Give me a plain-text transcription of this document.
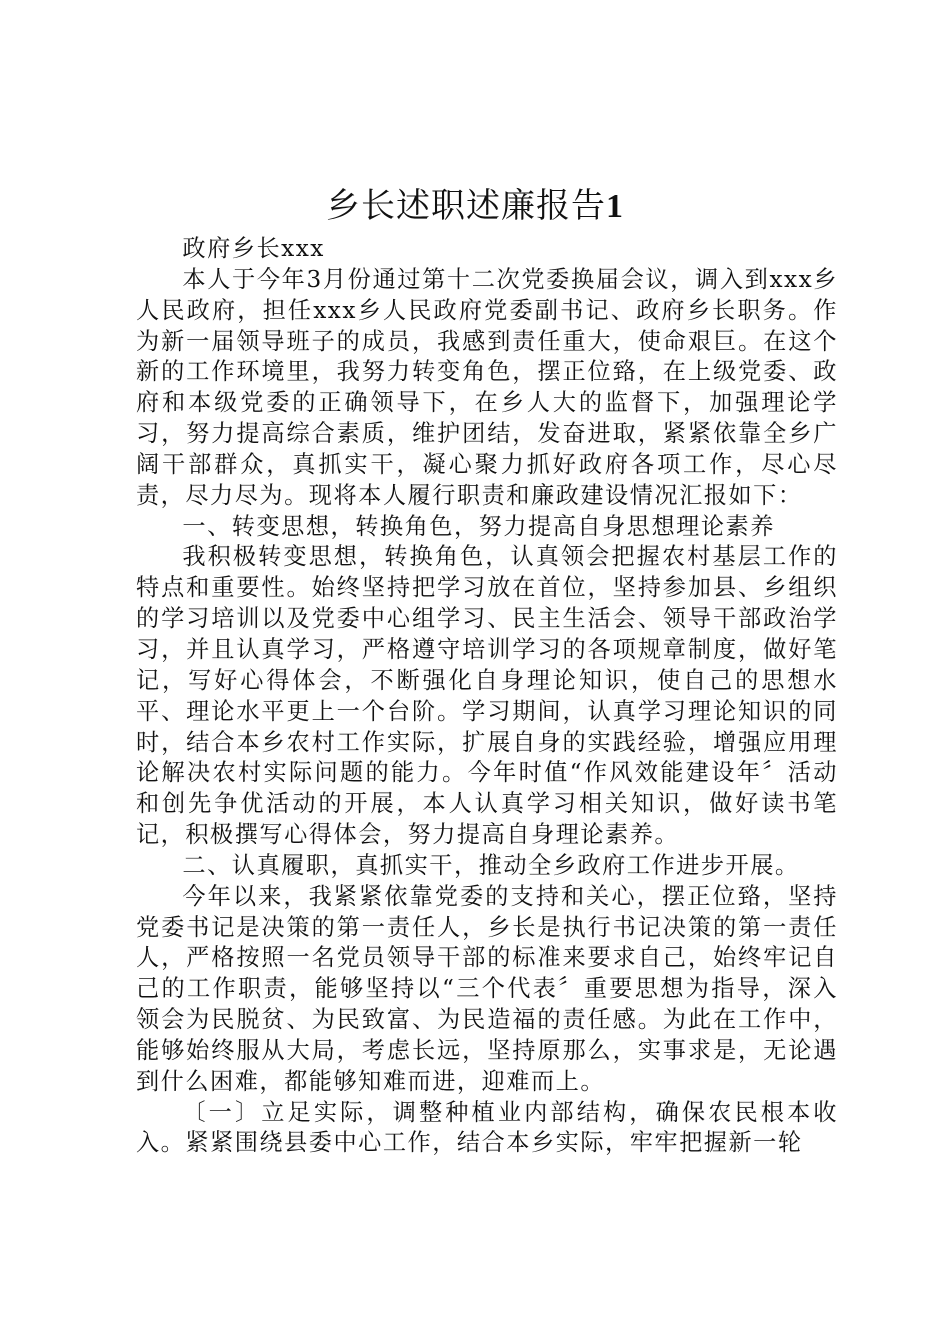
乡长述职述廉报告1

政府乡长xxx

本人于今年3月份通过第十二次党委换届会议，调入到xxx乡人民政府，担任xxx乡人民政府党委副书记、政府乡长职务。作为新一届领导班子的成员，我感到责任重大，使命艰巨。在这个新的工作环境里，我努力转变角色，摆正位臵，在上级党委、政府和本级党委的正确领导下，在乡人大的监督下，加强理论学习，努力提高综合素质，维护团结，发奋进取，紧紧依靠全乡广阔干部群众，真抓实干，凝心聚力抓好政府各项工作，尽心尽责，尽力尽为。现将本人履行职责和廉政建设情况汇报如下：

一、转变思想，转换角色，努力提高自身思想理论素养

我积极转变思想，转换角色，认真领会把握农村基层工作的特点和重要性。始终坚持把学习放在首位，坚持参加县、乡组织的学习培训以及党委中心组学习、民主生活会、领导干部政治学习，并且认真学习，严格遵守培训学习的各项规章制度，做好笔记，写好心得体会，不断强化自身理论知识，使自己的思想水平、理论水平更上一个台阶。学习期间，认真学习理论知识的同时，结合本乡农村工作实际，扩展自身的实践经验，增强应用理论解决农村实际问题的能力。今年时值“作风效能建设年〞活动和创先争优活动的开展，本人认真学习相关知识，做好读书笔记，积极撰写心得体会，努力提高自身理论素养。

二、认真履职，真抓实干，推动全乡政府工作进步开展。

今年以来，我紧紧依靠党委的支持和关心，摆正位臵，坚持党委书记是决策的第一责任人，乡长是执行书记决策的第一责任人，严格按照一名党员领导干部的标准来要求自己，始终牢记自己的工作职责，能够坚持以“三个代表〞重要思想为指导，深入领会为民脱贫、为民致富、为民造福的责任感。为此在工作中，能够始终服从大局，考虑长远，坚持原那么，实事求是，无论遇到什么困难，都能够知难而进，迎难而上。

〔一〕立足实际，调整种植业内部结构，确保农民根本收入。紧紧围绕县委中心工作，结合本乡实际，牢牢把握新一轮
